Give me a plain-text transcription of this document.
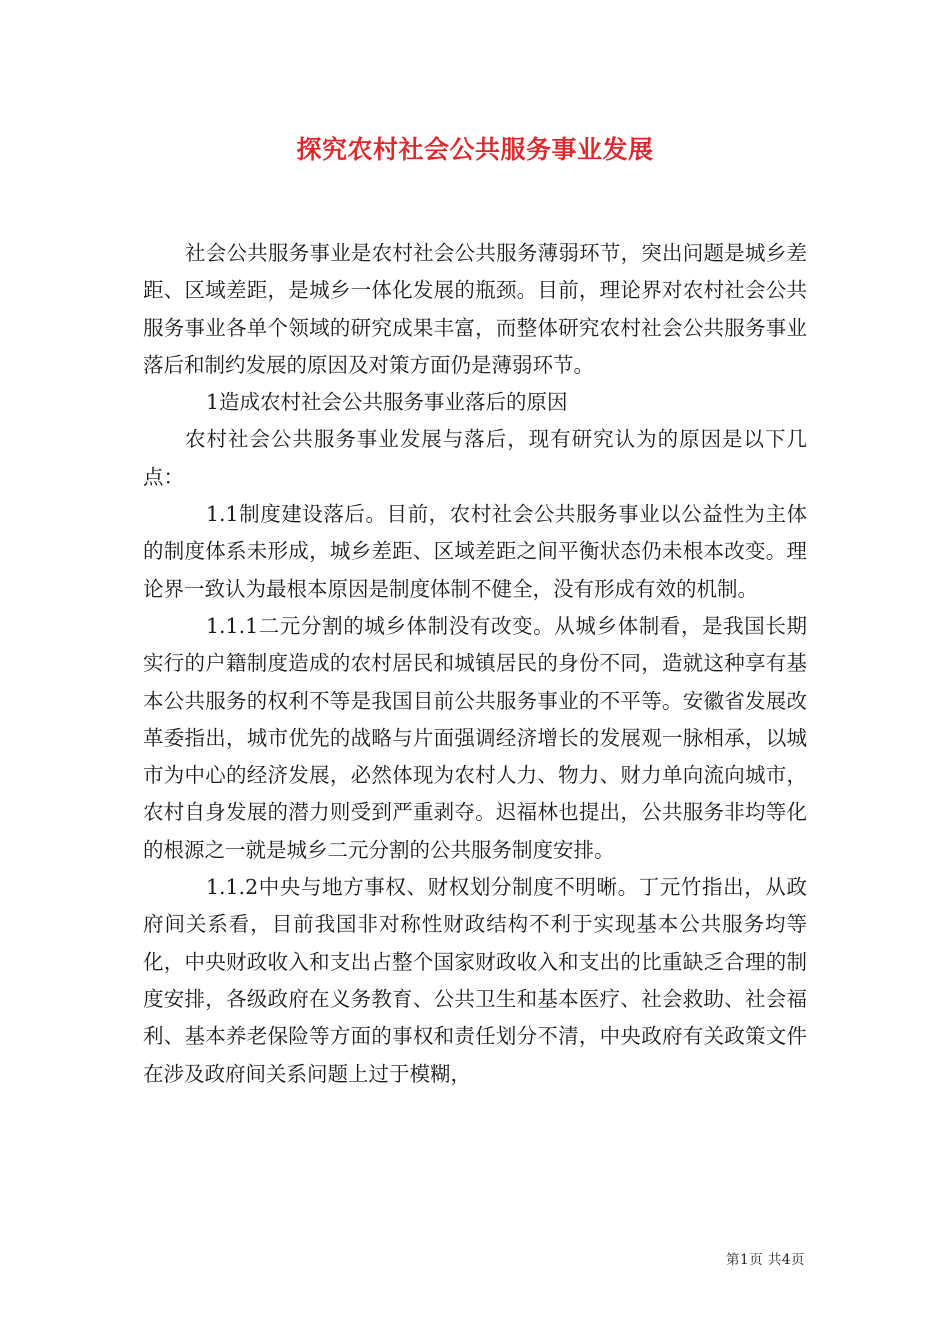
探究农村社会公共服务事业发展

社会公共服务事业是农村社会公共服务薄弱环节，突出问题是城乡差距、区域差距，是城乡一体化发展的瓶颈。目前，理论界对农村社会公共服务事业各单个领域的研究成果丰富，而整体研究农村社会公共服务事业落后和制约发展的原因及对策方面仍是薄弱环节。

1造成农村社会公共服务事业落后的原因

农村社会公共服务事业发展与落后，现有研究认为的原因是以下几点：

1.1制度建设落后。目前，农村社会公共服务事业以公益性为主体的制度体系未形成，城乡差距、区域差距之间平衡状态仍未根本改变。理论界一致认为最根本原因是制度体制不健全，没有形成有效的机制。

1.1.1二元分割的城乡体制没有改变。从城乡体制看，是我国长期实行的户籍制度造成的农村居民和城镇居民的身份不同，造就这种享有基本公共服务的权利不等是我国目前公共服务事业的不平等。安徽省发展改革委指出，城市优先的战略与片面强调经济增长的发展观一脉相承，以城市为中心的经济发展，必然体现为农村人力、物力、财力单向流向城市，农村自身发展的潜力则受到严重剥夺。迟福林也提出，公共服务非均等化的根源之一就是城乡二元分割的公共服务制度安排。

1.1.2中央与地方事权、财权划分制度不明晰。丁元竹指出，从政府间关系看，目前我国非对称性财政结构不利于实现基本公共服务均等化，中央财政收入和支出占整个国家财政收入和支出的比重缺乏合理的制度安排，各级政府在义务教育、公共卫生和基本医疗、社会救助、社会福利、基本养老保险等方面的事权和责任划分不清，中央政府有关政策文件在涉及政府间关系问题上过于模糊，

第1页 共4页
